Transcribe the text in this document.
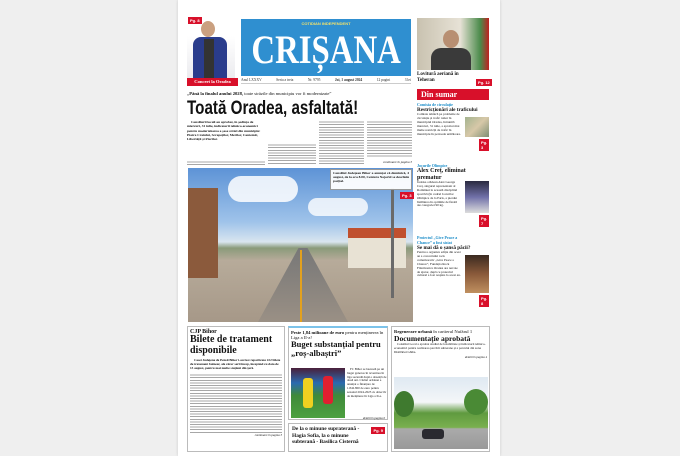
Pg. 8
Concert la Oradea
COTIDIAN INDEPENDENT
CRIȘANA
Anul LXXXV	Seria a treia	Nr. 9795	Joi, 1 august 2024	12 pagini	3 lei
Lovitură aeriană în Teheran	Pg. 12
„Până la finalul anului 2028, toate străzile din municipiu vor fi modernizate”
Toată Oradea, asfaltată!
Consilierii locali au aprobat, în ședința de miercuri, 31 iulie, indicatorii tehnico-economici pentru modernizarea a șase străzi din municipiu: Piatra Craiului, Scrapeților, Merilor, Cantemir, Libertății și Florilor.
continuare în pagina 3
Consiliul Județean Bihor a anunțat că duminică, 4 august, de la ora 8.00, Centura Nojorid se deschide parțial.
Pg. 3
Din sumar
Comisia de circulație
Restricționări ale traficului
Comisia tehnică pe probleme de circulație și trafic rutier în municipiul Oradea, întrunită miercuri, 31 iulie, a aprobat mai multe restricții de trafic în municipiu în perioada următoare.
Pg. 3
Jocurile Olimpice
Alex Creț, eliminat prematur
Judoka orădean Alex George Creț, singurul reprezentant al României la această disciplină sportivă (în cadrul Jocurilor Olimpice de la Paris, a pierdut întâlnirea în optimile de finală ale categoriei 90 kg.
Pg. 7
Proiectul „Give Peace a Chance” a fost sistat
Se mai dă o șansă păcii?
Pentru a organiza ediția din acest an a concertului rock comemorativ „Give Peace a Chance”, Fundația Rock Filarmonica Oradea are nevoie de ajutor, după ce proiectul cultural a fost respins la acest an.
Pg. 8
CJP Bihor
Bilete de tratament disponibile
Casei Județene de Pensii Bihor i-au fost repartizate 222 bilete de tratament balnear, ale căror serii încep, începând cu data de 13 august, pentru mai multe stațiuni din țară.
continuare în pagina 3
Peste 1,84 milioane de euro pentru menținerea în Liga a II-a!
Buget substanțial pentru „roș-albaștri”
FC Bihor se bazează pe un buget generos în revenirea în liga secundă după o absență de două ani. Clubul orădean a anunțat o finanțare de 1.842.800 de euro pentru sezonul 2024-2025 cu obiectiv de menținere în Liga a II-a.
detalii în pagina 6
De la o minune supraterană - Hagia Sofia, la o minune subterană - Basilica Cisternă
Pg. 9
Regenerare urbană în cartierul Nufărul 1
Documentație aprobată
Consiliul Local a aprobat studiul de fezabilitate și indicatorii tehnico-economici pentru realizarea parcării subterane și a parcului din zona Distilăriei Ghiba.
detalii în pagina 4
